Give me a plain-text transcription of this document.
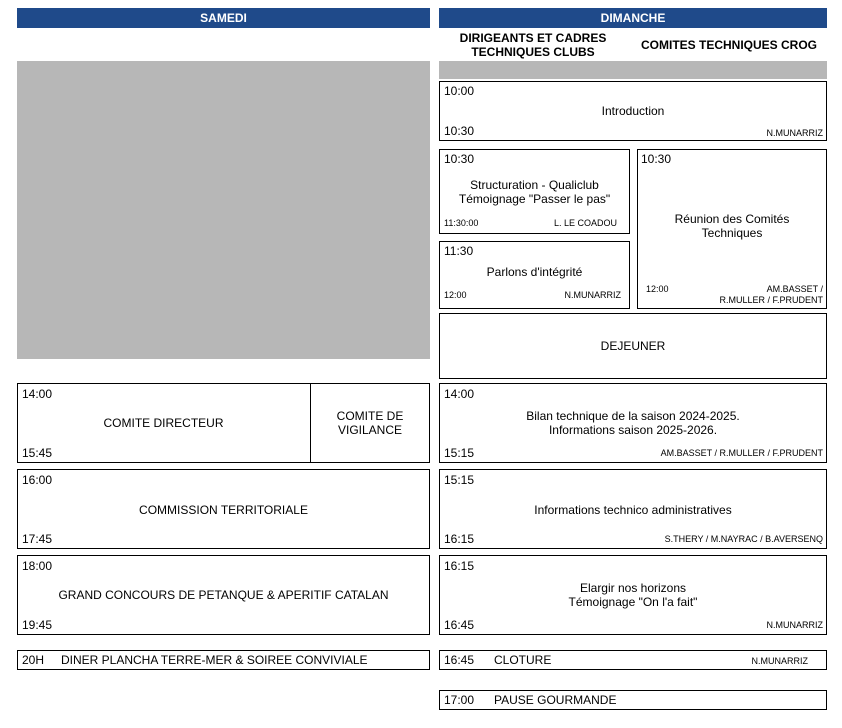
SAMEDI
14:00
15:45
COMITE DIRECTEUR	COMITE DE
VIGILANCE
16:00
17:45
COMMISSION TERRITORIALE
18:00
19:45
GRAND CONCOURS DE PETANQUE & APERITIF CATALAN
20H DINER PLANCHA TERRE-MER & SOIREE CONVIVIALE
DIMANCHE
DIRIGEANTS ET CADRES
TECHNIQUES CLUBS	COMITES TECHNIQUES CROG
10:00
10:30
Introduction
N.MUNARRIZ
10:30
Structuration - Qualiclub
Témoignage "Passer le pas"
11:30:00	L. LE COADOU
11:30
Parlons d'intégrité
12:00	N.MUNARRIZ
10:30
Réunion des Comités
Techniques
12:00	AM.BASSET /
R.MULLER / F.PRUDENT
DEJEUNER
14:00
15:15
Bilan technique de la saison 2024-2025.
Informations saison 2025-2026.
AM.BASSET / R.MULLER / F.PRUDENT
15:15
16:15
Informations technico administratives
S.THERY / M.NAYRAC / B.AVERSENQ
16:15
16:45
Elargir nos horizons
Témoignage "On l'a fait"
N.MUNARRIZ
16:45 CLOTURE	N.MUNARRIZ
17:00 PAUSE GOURMANDE
